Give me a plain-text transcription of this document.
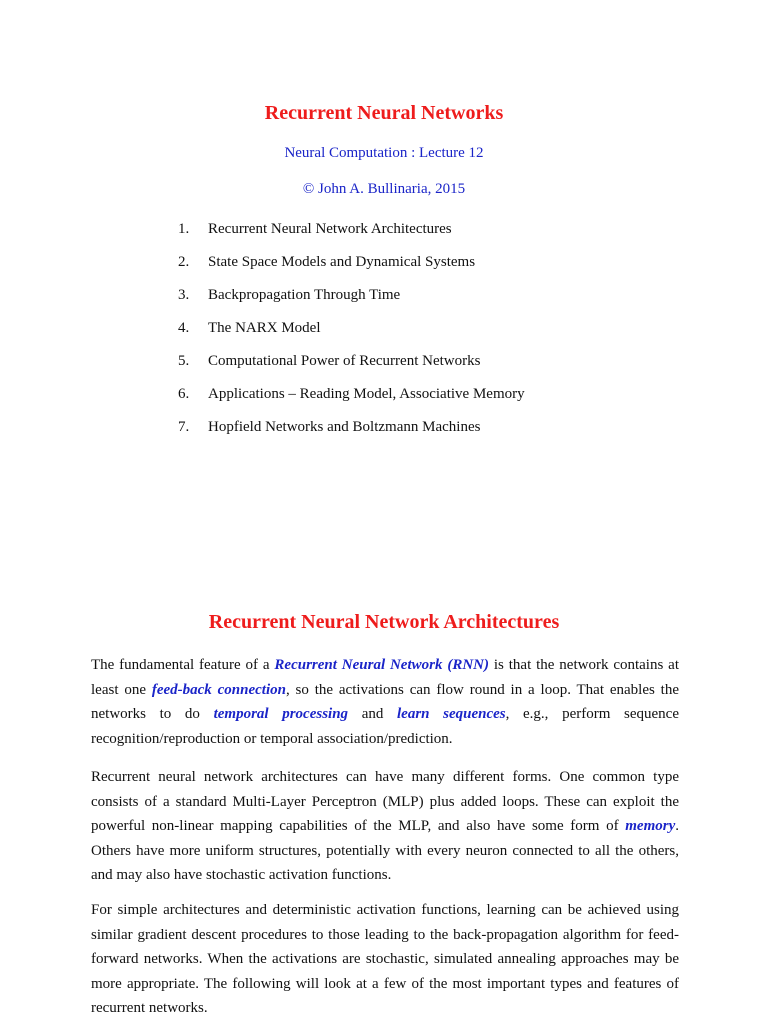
Recurrent Neural Networks
Neural Computation : Lecture 12
© John A. Bullinaria, 2015
1. Recurrent Neural Network Architectures
2. State Space Models and Dynamical Systems
3. Backpropagation Through Time
4. The NARX Model
5. Computational Power of Recurrent Networks
6. Applications – Reading Model, Associative Memory
7. Hopfield Networks and Boltzmann Machines
Recurrent Neural Network Architectures

The fundamental feature of a Recurrent Neural Network (RNN) is that the network contains at least one feed-back connection, so the activations can flow round in a loop. That enables the networks to do temporal processing and learn sequences, e.g., perform sequence recognition/reproduction or temporal association/prediction.

Recurrent neural network architectures can have many different forms. One common type consists of a standard Multi-Layer Perceptron (MLP) plus added loops. These can exploit the powerful non-linear mapping capabilities of the MLP, and also have some form of memory. Others have more uniform structures, potentially with every neuron connected to all the others, and may also have stochastic activation functions.

For simple architectures and deterministic activation functions, learning can be achieved using similar gradient descent procedures to those leading to the back-propagation algorithm for feed-forward networks. When the activations are stochastic, simulated annealing approaches may be more appropriate. The following will look at a few of the most important types and features of recurrent networks.
